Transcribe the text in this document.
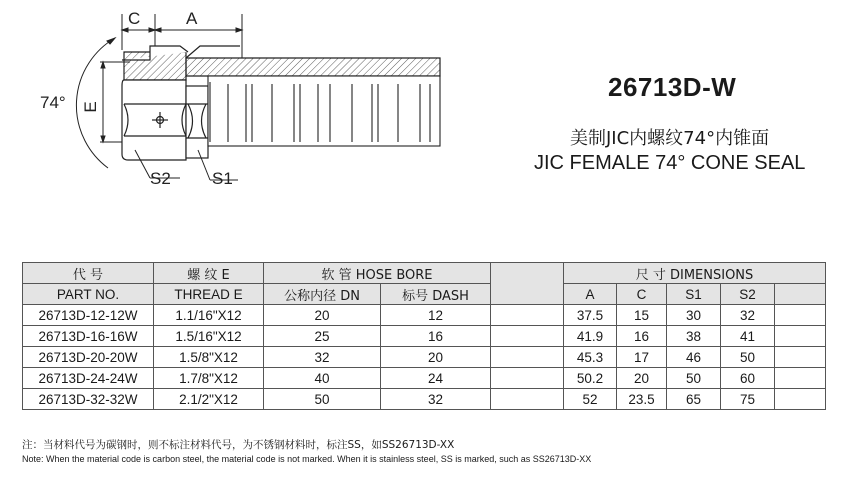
C	A
E
74°
S2 S1
26713D-W
美制JIC内螺纹74°内锥面
JIC FEMALE 74° CONE SEAL
代 号	螺 纹 E	软 管 HOSE BORE			尺 寸 DIMENSIONS				
PART NO.	THREAD E	公称内径 DN	标号 DASH		A	C	S1	S2	
26713D-12-12W	1.1/16"X12	20	12		37.5	15	30	32	
26713D-16-16W	1.5/16"X12	25	16		41.9	16	38	41	
26713D-20-20W	1.5/8"X12	32	20		45.3	17	46	50	
26713D-24-24W	1.7/8"X12	40	24		50.2	20	50	60	
26713D-32-32W	2.1/2"X12	50	32		52	23.5	65	75	
注：当材料代号为碳钢时，则不标注材料代号，为不锈钢材料时，标注SS，如SS26713D-XX
Note: When the material code is carbon steel, the material code is not marked. When it is stainless steel, SS is marked, such as SS26713D-XX
